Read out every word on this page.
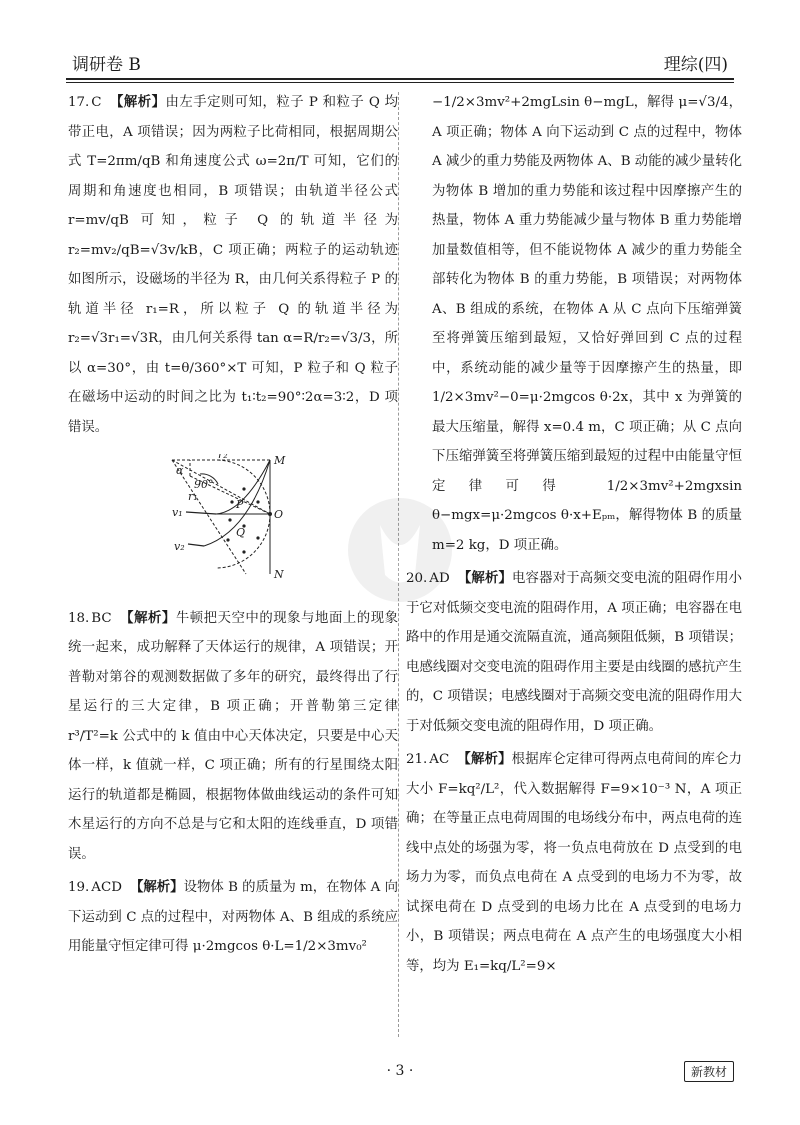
调研卷 B	理综(四)

17. C 【解析】由左手定则可知，粒子 P 和粒子 Q 均带正电，A 项错误；因为两粒子比荷相同，根据周期公式 T=2πm/qB 和角速度公式 ω=2π/T 可知，它们的周期和角速度也相同，B 项错误；由轨道半径公式 r=mv/qB 可知，粒子 Q 的轨道半径为 r₂=mv₂/qB=√3v/kB，C 项正确；两粒子的运动轨迹如图所示，设磁场的半径为 R，由几何关系得粒子 P 的轨道半径 r₁=R，所以粒子 Q 的轨道半径为 r₂=√3r₁=√3R，由几何关系得 tan α=R/r₂=√3/3，所以 α=30°，由 t=θ/360°×T 可知，P 粒子和 Q 粒子在磁场中运动的时间之比为 t₁∶t₂=90°∶2α=3∶2，D 项错误。

α
r₂
90°
r₁
P
M
O
Q
v₁
v₂
N

18. BC 【解析】牛顿把天空中的现象与地面上的现象统一起来，成功解释了天体运行的规律，A 项错误；开普勒对第谷的观测数据做了多年的研究，最终得出了行星运行的三大定律，B 项正确；开普勒第三定律 r³/T²=k 公式中的 k 值由中心天体决定，只要是中心天体一样，k 值就一样，C 项正确；所有的行星围绕太阳运行的轨道都是椭圆，根据物体做曲线运动的条件可知木星运行的方向不总是与它和太阳的连线垂直，D 项错误。

19. ACD 【解析】设物体 B 的质量为 m，在物体 A 向下运动到 C 点的过程中，对两物体 A、B 组成的系统应用能量守恒定律可得 μ·2mgcos θ·L=1/2×3mv₀²

−1/2×3mv²+2mgLsin θ−mgL，解得 μ=√3/4，A 项正确；物体 A 向下运动到 C 点的过程中，物体 A 减少的重力势能及两物体 A、B 动能的减少量转化为物体 B 增加的重力势能和该过程中因摩擦产生的热量，物体 A 重力势能减少量与物体 B 重力势能增加量数值相等，但不能说物体 A 减少的重力势能全部转化为物体 B 的重力势能，B 项错误；对两物体 A、B 组成的系统，在物体 A 从 C 点向下压缩弹簧至将弹簧压缩到最短，又恰好弹回到 C 点的过程中，系统动能的减少量等于因摩擦产生的热量，即 1/2×3mv²−0=μ·2mgcos θ·2x，其中 x 为弹簧的最大压缩量，解得 x=0.4 m，C 项正确；从 C 点向下压缩弹簧至将弹簧压缩到最短的过程中由能量守恒定律可得 1/2×3mv²+2mgxsin θ−mgx=μ·2mgcos θ·x+Eₚₘ，解得物体 B 的质量 m=2 kg，D 项正确。

20. AD 【解析】电容器对于高频交变电流的阻碍作用小于它对低频交变电流的阻碍作用，A 项正确；电容器在电路中的作用是通交流隔直流，通高频阻低频，B 项错误；电感线圈对交变电流的阻碍作用主要是由线圈的感抗产生的，C 项错误；电感线圈对于高频交变电流的阻碍作用大于对低频交变电流的阻碍作用，D 项正确。

21. AC 【解析】根据库仑定律可得两点电荷间的库仑力大小 F=kq²/L²，代入数据解得 F=9×10⁻³ N，A 项正确；在等量正点电荷周围的电场线分布中，两点电荷的连线中点处的场强为零，将一负点电荷放在 D 点受到的电场力为零，而负点电荷在 A 点受到的电场力不为零，故试探电荷在 D 点受到的电场力比在 A 点受到的电场力小，B 项错误；两点电荷在 A 点产生的电场强度大小相等，均为 E₁=kq/L²=9×

· 3 ·	新教材
